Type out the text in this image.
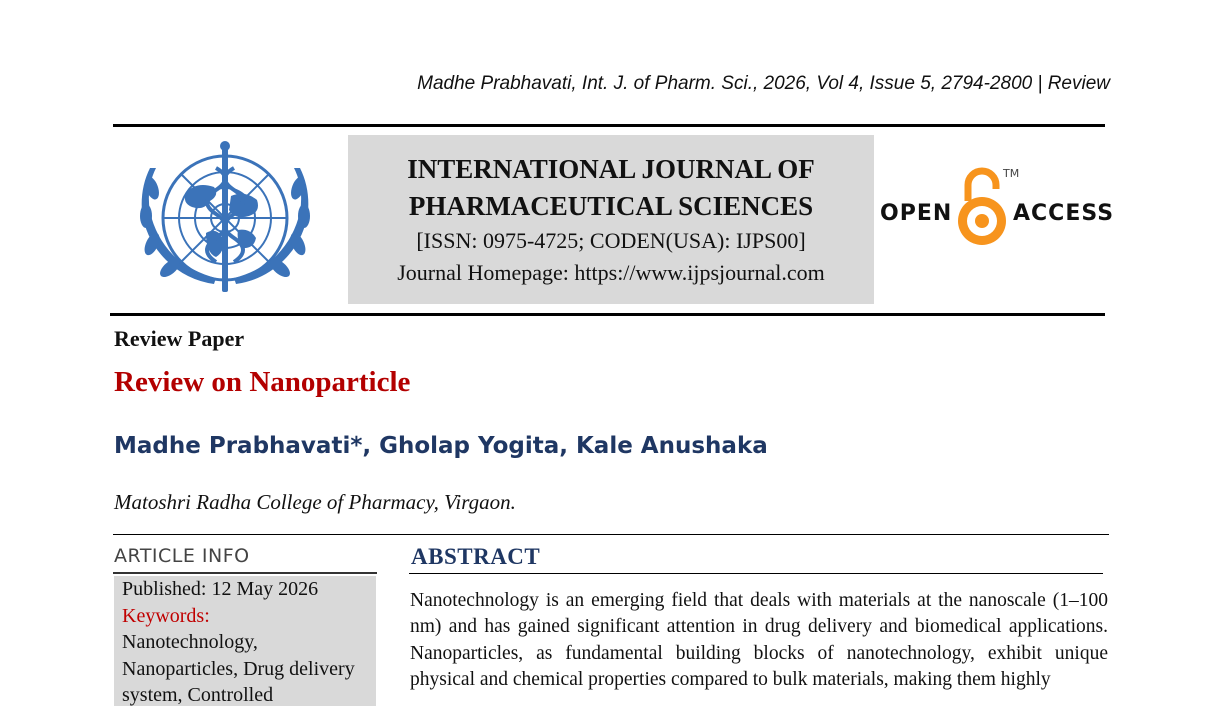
Madhe Prabhavati, Int. J. of Pharm. Sci., 2026, Vol 4, Issue 5, 2794-2800 | Review
INTERNATIONAL JOURNAL OF
PHARMACEUTICAL SCIENCES
[ISSN: 0975-4725; CODEN(USA): IJPS00]
Journal Homepage: https://www.ijpsjournal.com
OPEN
TM
ACCESS
Review Paper
Review on Nanoparticle
Madhe Prabhavati*, Gholap Yogita, Kale Anushaka
Matoshri Radha College of Pharmacy, Virgaon.
ARTICLE INFO
Published: 12 May 2026
Keywords:
Nanotechnology, Nanoparticles, Drug delivery system, Controlled
ABSTRACT
Nanotechnology is an emerging field that deals with materials at the nanoscale (1–100 nm) and has gained significant attention in drug delivery and biomedical applications. Nanoparticles, as fundamental building blocks of nanotechnology, exhibit unique physical and chemical properties compared to bulk materials, making them highly
